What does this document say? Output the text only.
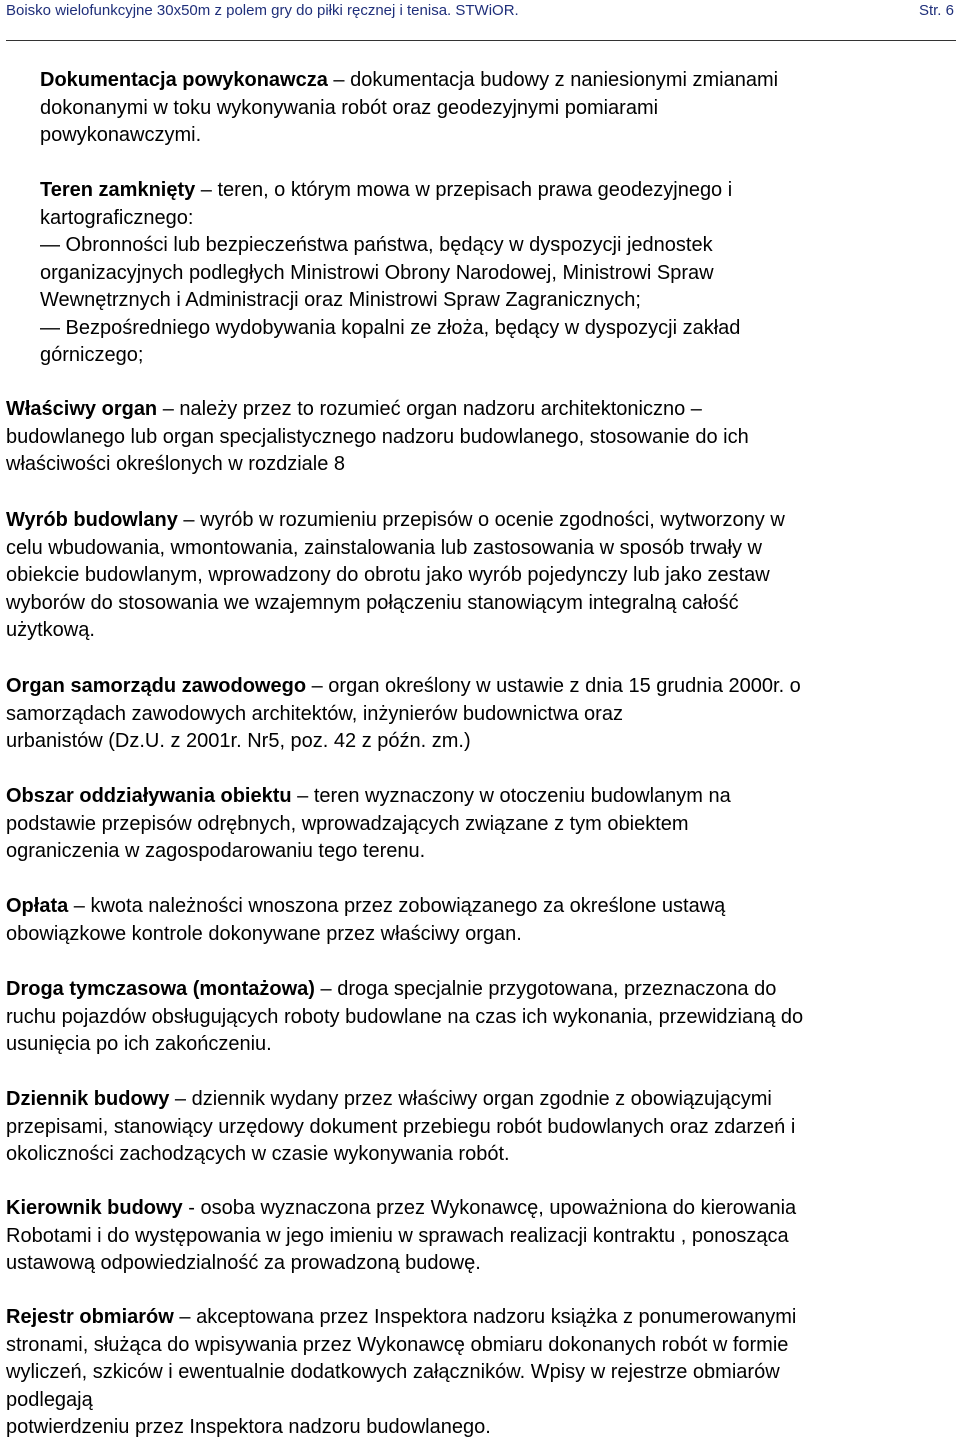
Boisko wielofunkcyjne 30x50m z polem gry do piłki ręcznej i tenisa. STWiOR.	Str. 6

Dokumentacja powykonawcza – dokumentacja budowy z naniesionymi zmianami
dokonanymi w toku wykonywania robót oraz geodezyjnymi pomiarami
powykonawczymi.

Teren zamknięty – teren, o którym mowa w przepisach prawa geodezyjnego i
kartograficznego:
— Obronności lub bezpieczeństwa państwa, będący w dyspozycji jednostek
organizacyjnych podległych Ministrowi Obrony Narodowej, Ministrowi Spraw
Wewnętrznych i Administracji oraz Ministrowi Spraw Zagranicznych;
— Bezpośredniego wydobywania kopalni ze złoża, będący w dyspozycji zakład
górniczego;

Właściwy organ – należy przez to rozumieć organ nadzoru architektoniczno –
budowlanego lub organ specjalistycznego nadzoru budowlanego, stosowanie do ich
właściwości określonych w rozdziale 8

Wyrób budowlany – wyrób w rozumieniu przepisów o ocenie zgodności, wytworzony w
celu wbudowania, wmontowania, zainstalowania lub zastosowania w sposób trwały w
obiekcie budowlanym, wprowadzony do obrotu jako wyrób pojedynczy lub jako zestaw
wyborów do stosowania we wzajemnym połączeniu stanowiącym integralną całość
użytkową.

Organ samorządu zawodowego – organ określony w ustawie z dnia 15 grudnia 2000r. o
samorządach zawodowych architektów, inżynierów budownictwa oraz
urbanistów (Dz.U. z 2001r. Nr5, poz. 42 z późn. zm.)

Obszar oddziaływania obiektu – teren wyznaczony w otoczeniu budowlanym na
podstawie przepisów odrębnych, wprowadzających związane z tym obiektem
ograniczenia w zagospodarowaniu tego terenu.

Opłata – kwota należności wnoszona przez zobowiązanego za określone ustawą
obowiązkowe kontrole dokonywane przez właściwy organ.

Droga tymczasowa (montażowa) – droga specjalnie przygotowana, przeznaczona do
ruchu pojazdów obsługujących roboty budowlane na czas ich wykonania, przewidzianą do
usunięcia po ich zakończeniu.

Dziennik budowy – dziennik wydany przez właściwy organ zgodnie z obowiązującymi
przepisami, stanowiący urzędowy dokument przebiegu robót budowlanych oraz zdarzeń i
okoliczności zachodzących w czasie wykonywania robót.

Kierownik budowy - osoba wyznaczona przez Wykonawcę, upoważniona do kierowania
Robotami i do występowania w jego imieniu w sprawach realizacji kontraktu , ponosząca
ustawową odpowiedzialność za prowadzoną budowę.

Rejestr obmiarów – akceptowana przez Inspektora nadzoru książka z ponumerowanymi
stronami, służąca do wpisywania przez Wykonawcę obmiaru dokonanych robót w formie
wyliczeń, szkiców i ewentualnie dodatkowych załączników. Wpisy w rejestrze obmiarów
podlegają
potwierdzeniu przez Inspektora nadzoru budowlanego.
